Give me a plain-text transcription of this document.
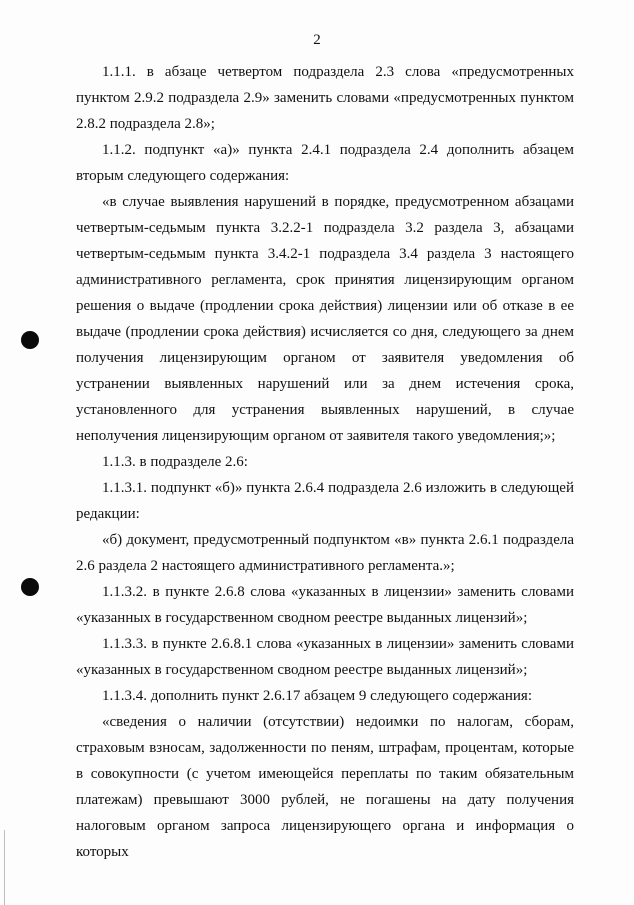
2

1.1.1. в абзаце четвертом подраздела 2.3 слова «предусмотренных пунктом 2.9.2 подраздела 2.9» заменить словами «предусмотренных пунктом 2.8.2 подраздела 2.8»;

1.1.2. подпункт «а)» пункта 2.4.1 подраздела 2.4 дополнить абзацем вторым следующего содержания:

«в случае выявления нарушений в порядке, предусмотренном абзацами четвертым-седьмым пункта 3.2.2-1 подраздела 3.2 раздела 3, абзацами четвертым-седьмым пункта 3.4.2-1 подраздела 3.4 раздела 3 настоящего административного регламента, срок принятия лицензирующим органом решения о выдаче (продлении срока действия) лицензии или об отказе в ее выдаче (продлении срока действия) исчисляется со дня, следующего за днем получения лицензирующим органом от заявителя уведомления об устранении выявленных нарушений или за днем истечения срока, установленного для устранения выявленных нарушений, в случае неполучения лицензирующим органом от заявителя такого уведомления;»;

1.1.3. в подразделе 2.6:

1.1.3.1. подпункт «б)» пункта 2.6.4 подраздела 2.6 изложить в следующей редакции:

«б) документ, предусмотренный подпунктом «в» пункта 2.6.1 подраздела 2.6 раздела 2 настоящего административного регламента.»;

1.1.3.2. в пункте 2.6.8 слова «указанных в лицензии» заменить словами «указанных в государственном сводном реестре выданных лицензий»;

1.1.3.3. в пункте 2.6.8.1 слова «указанных в лицензии» заменить словами «указанных в государственном сводном реестре выданных лицензий»;

1.1.3.4. дополнить пункт 2.6.17 абзацем 9 следующего содержания:

«сведения о наличии (отсутствии) недоимки по налогам, сборам, страховым взносам, задолженности по пеням, штрафам, процентам, которые в совокупности (с учетом имеющейся переплаты по таким обязательным платежам) превышают 3000 рублей, не погашены на дату получения налоговым органом запроса лицензирующего органа и информация о которых
